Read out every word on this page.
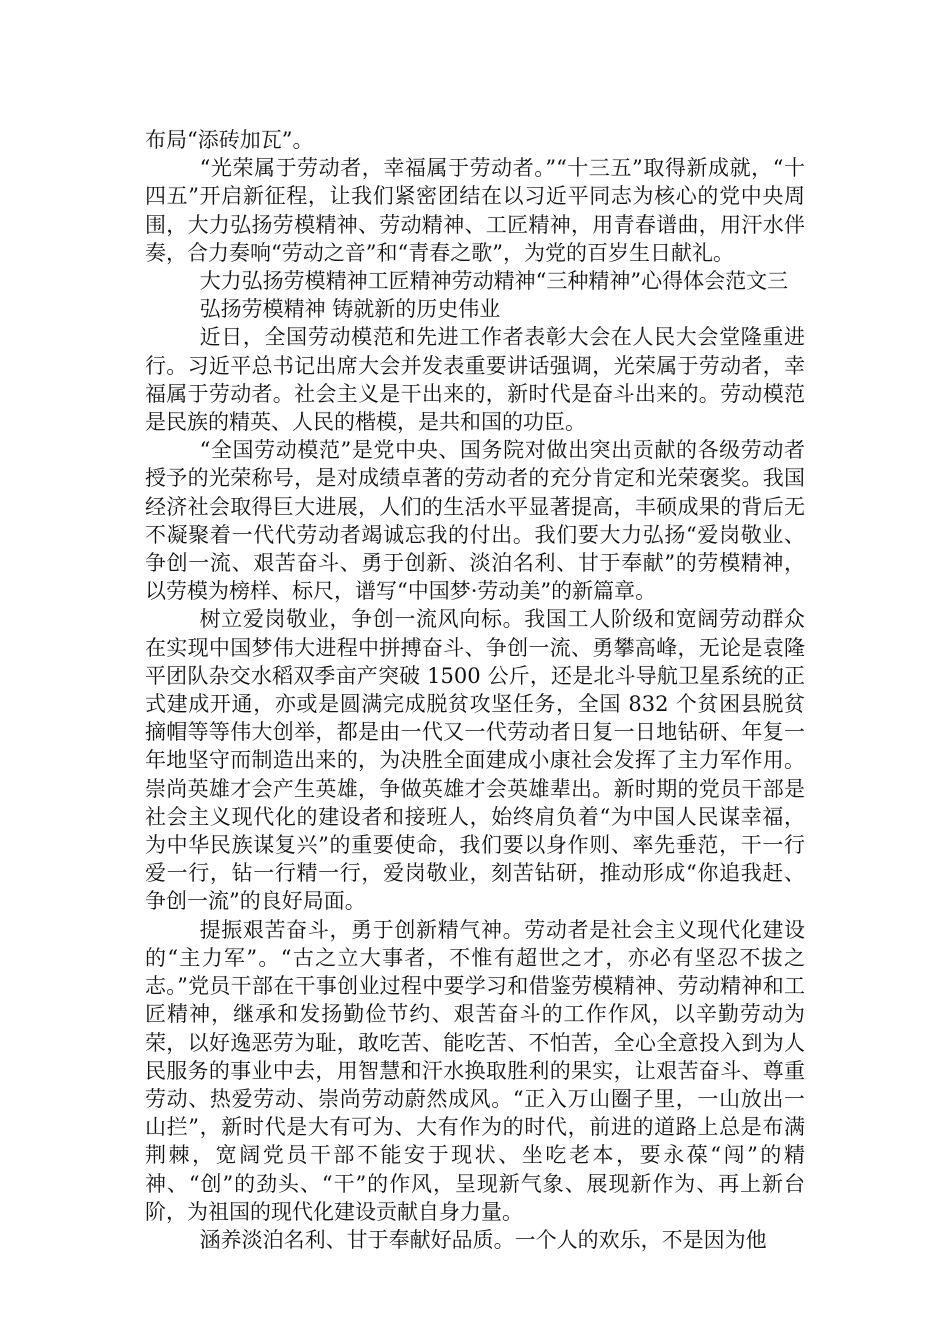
布局“添砖加瓦”。

“光荣属于劳动者，幸福属于劳动者。”“十三五”取得新成就，“十四五”开启新征程，让我们紧密团结在以习近平同志为核心的党中央周围，大力弘扬劳模精神、劳动精神、工匠精神，用青春谱曲，用汗水伴奏，合力奏响“劳动之音”和“青春之歌”，为党的百岁生日献礼。

大力弘扬劳模精神工匠精神劳动精神“三种精神”心得体会范文三

弘扬劳模精神 铸就新的历史伟业

近日，全国劳动模范和先进工作者表彰大会在人民大会堂隆重进行。习近平总书记出席大会并发表重要讲话强调，光荣属于劳动者，幸福属于劳动者。社会主义是干出来的，新时代是奋斗出来的。劳动模范是民族的精英、人民的楷模，是共和国的功臣。

“全国劳动模范”是党中央、国务院对做出突出贡献的各级劳动者授予的光荣称号，是对成绩卓著的劳动者的充分肯定和光荣褒奖。我国经济社会取得巨大进展，人们的生活水平显著提高，丰硕成果的背后无不凝聚着一代代劳动者竭诚忘我的付出。我们要大力弘扬“爱岗敬业、争创一流、艰苦奋斗、勇于创新、淡泊名利、甘于奉献”的劳模精神，以劳模为榜样、标尺，谱写“中国梦·劳动美”的新篇章。

树立爱岗敬业，争创一流风向标。我国工人阶级和宽阔劳动群众在实现中国梦伟大进程中拼搏奋斗、争创一流、勇攀高峰，无论是袁隆平团队杂交水稻双季亩产突破 1500 公斤，还是北斗导航卫星系统的正式建成开通，亦或是圆满完成脱贫攻坚任务，全国 832 个贫困县脱贫摘帽等等伟大创举，都是由一代又一代劳动者日复一日地钻研、年复一年地坚守而制造出来的，为决胜全面建成小康社会发挥了主力军作用。崇尚英雄才会产生英雄，争做英雄才会英雄辈出。新时期的党员干部是社会主义现代化的建设者和接班人，始终肩负着“为中国人民谋幸福，为中华民族谋复兴”的重要使命，我们要以身作则、率先垂范，干一行爱一行，钻一行精一行，爱岗敬业，刻苦钻研，推动形成“你追我赶、争创一流”的良好局面。

提振艰苦奋斗，勇于创新精气神。劳动者是社会主义现代化建设的“主力军”。“古之立大事者，不惟有超世之才，亦必有坚忍不拔之志。”党员干部在干事创业过程中要学习和借鉴劳模精神、劳动精神和工匠精神，继承和发扬勤俭节约、艰苦奋斗的工作作风，以辛勤劳动为荣，以好逸恶劳为耻，敢吃苦、能吃苦、不怕苦，全心全意投入到为人民服务的事业中去，用智慧和汗水换取胜利的果实，让艰苦奋斗、尊重劳动、热爱劳动、崇尚劳动蔚然成风。“正入万山圈子里，一山放出一山拦”，新时代是大有可为、大有作为的时代，前进的道路上总是布满荆棘，宽阔党员干部不能安于现状、坐吃老本，要永葆“闯”的精神、“创”的劲头、“干”的作风，呈现新气象、展现新作为、再上新台阶，为祖国的现代化建设贡献自身力量。

涵养淡泊名利、甘于奉献好品质。一个人的欢乐，不是因为他
